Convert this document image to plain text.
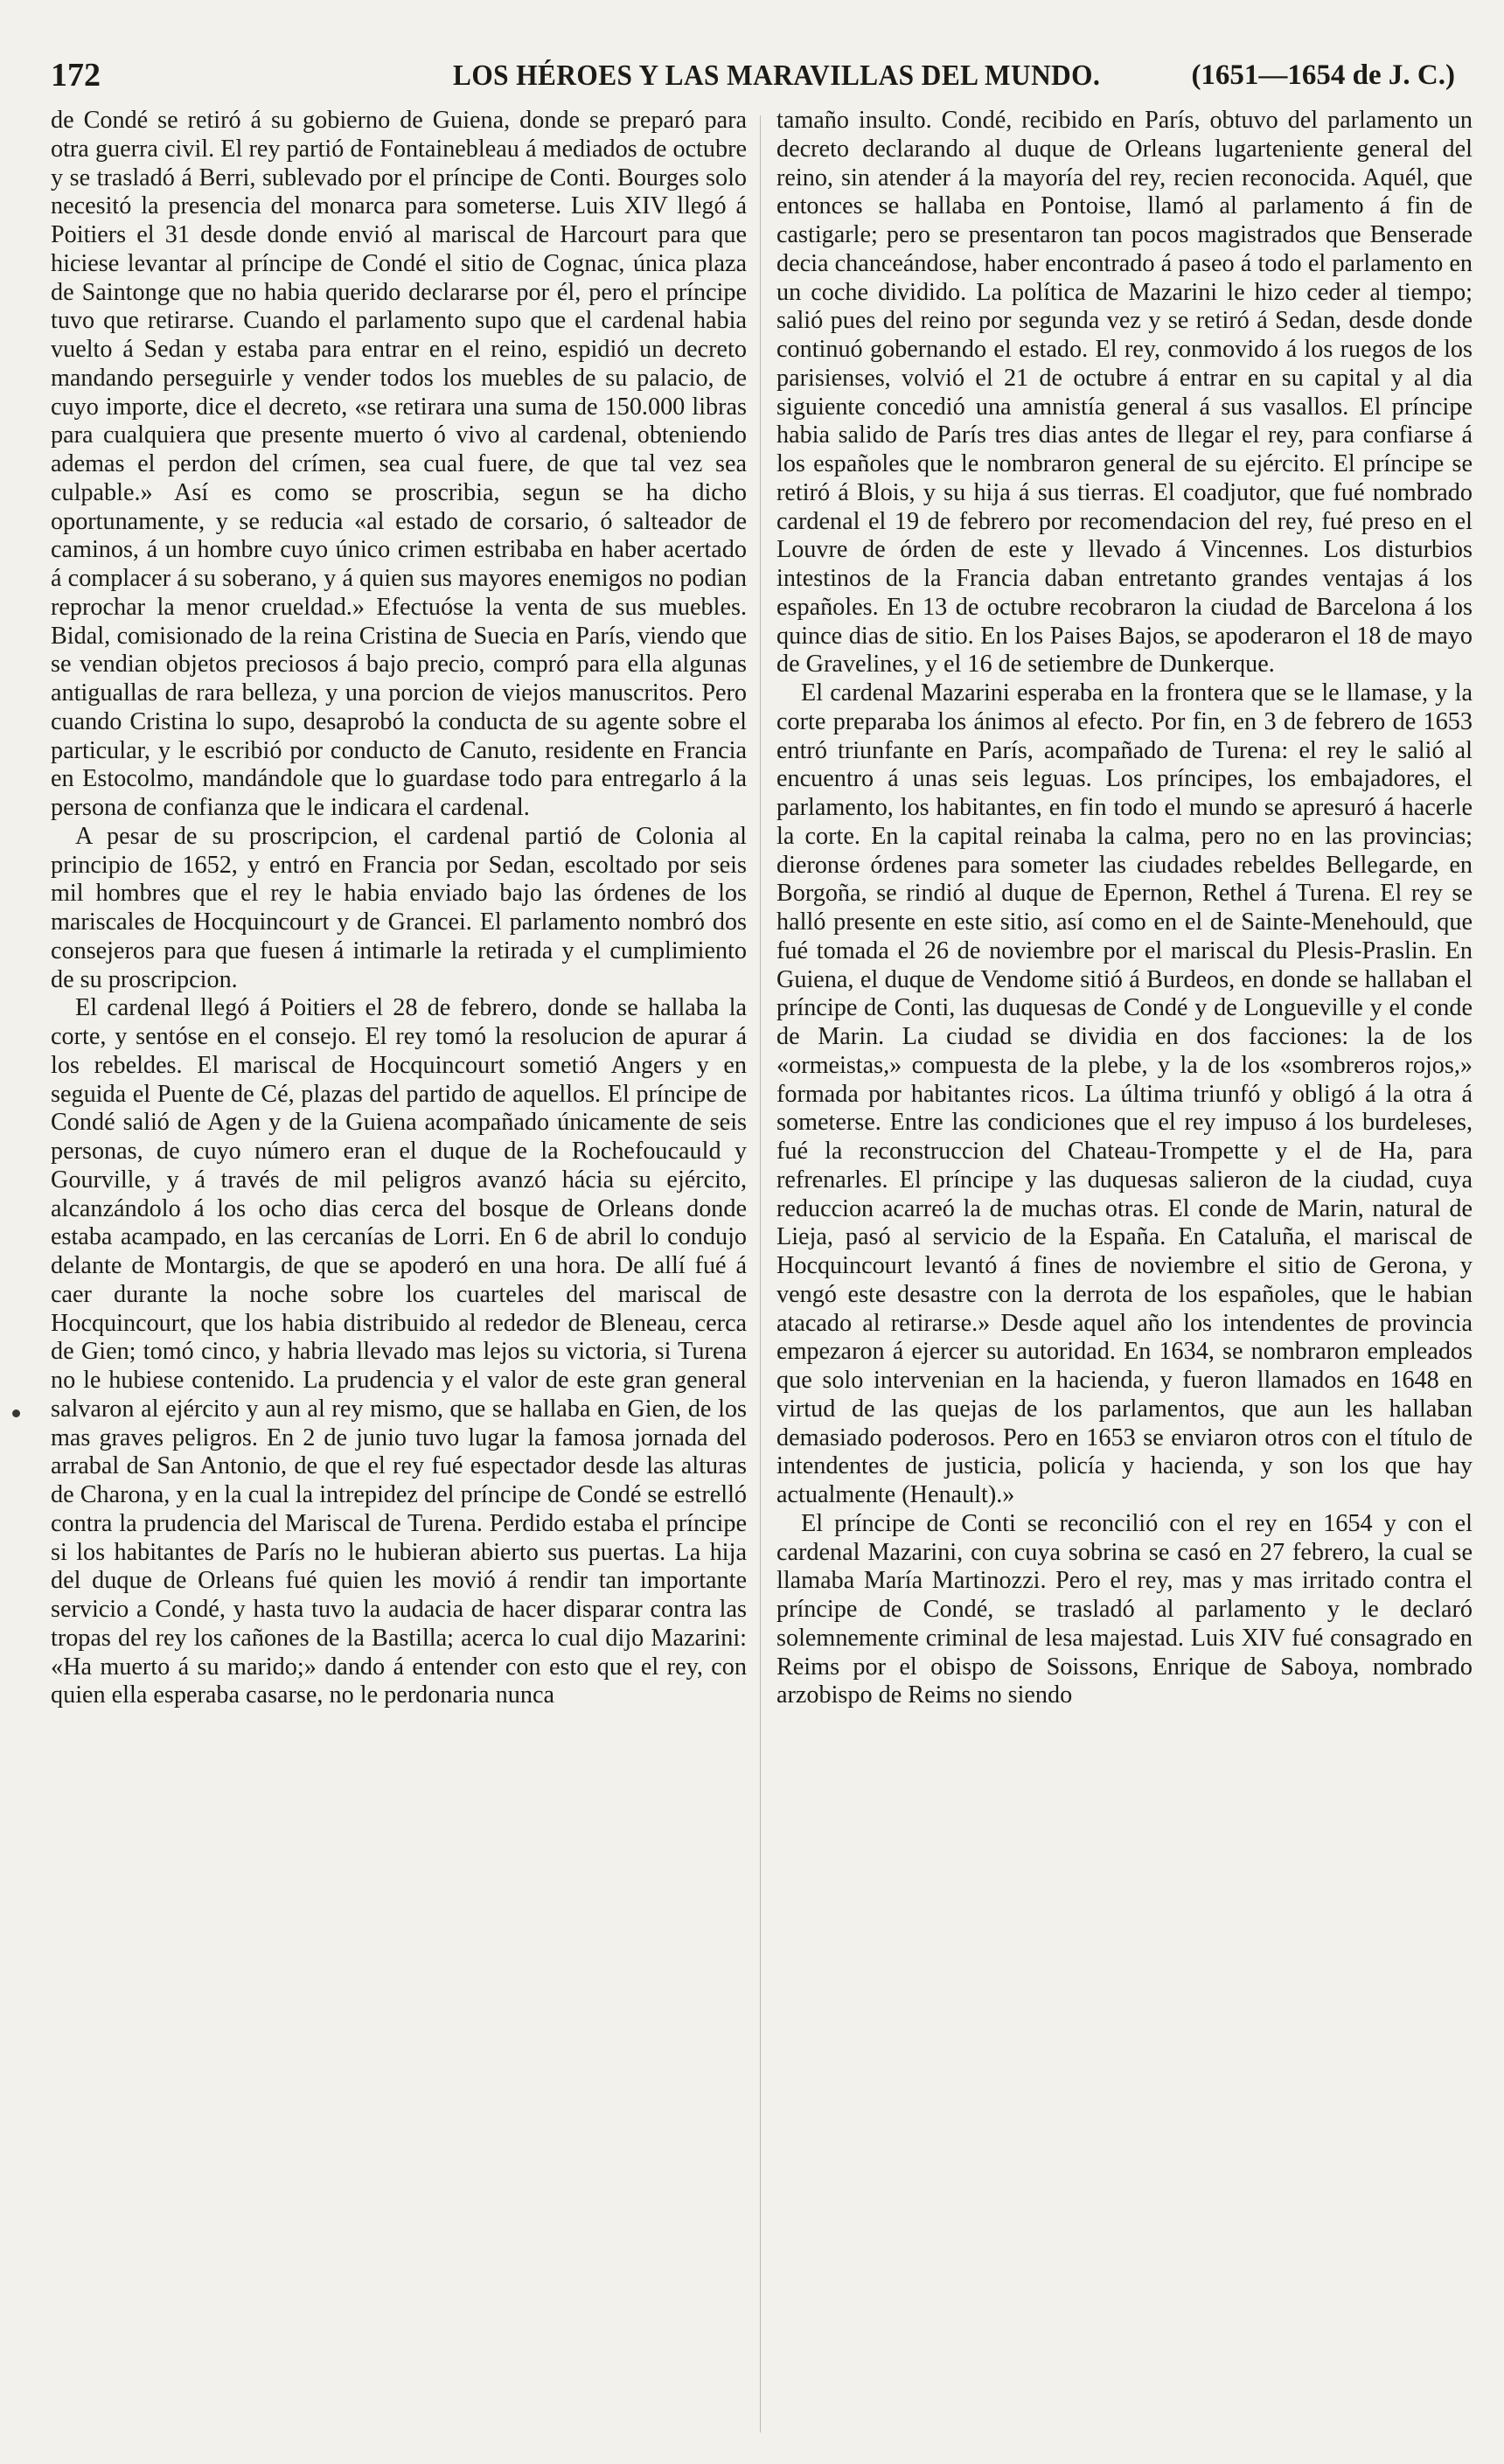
172	LOS HÉROES Y LAS MARAVILLAS DEL MUNDO.	(1651—1654 de J. C.)

de Condé se retiró á su gobierno de Guiena, donde se preparó para otra guerra civil. El rey partió de Fontainebleau á mediados de octubre y se trasladó á Berri, sublevado por el príncipe de Conti. Bourges solo necesitó la presencia del monarca para someterse. Luis XIV llegó á Poitiers el 31 desde donde envió al mariscal de Harcourt para que hiciese levantar al príncipe de Condé el sitio de Cognac, única plaza de Saintonge que no habia querido declararse por él, pero el príncipe tuvo que retirarse. Cuando el parlamento supo que el cardenal habia vuelto á Sedan y estaba para entrar en el reino, espidió un decreto mandando perseguirle y vender todos los muebles de su palacio, de cuyo importe, dice el decreto, «se retirara una suma de 150.000 libras para cualquiera que presente muerto ó vivo al cardenal, obteniendo ademas el perdon del crímen, sea cual fuere, de que tal vez sea culpable.» Así es como se proscribia, segun se ha dicho oportunamente, y se reducia «al estado de corsario, ó salteador de caminos, á un hombre cuyo único crimen estribaba en haber acertado á complacer á su soberano, y á quien sus mayores enemigos no podian reprochar la menor crueldad.» Efectuóse la venta de sus muebles. Bidal, comisionado de la reina Cristina de Suecia en París, viendo que se vendian objetos preciosos á bajo precio, compró para ella algunas antiguallas de rara belleza, y una porcion de viejos manuscritos. Pero cuando Cristina lo supo, desaprobó la conducta de su agente sobre el particular, y le escribió por conducto de Canuto, residente en Francia en Estocolmo, mandándole que lo guardase todo para entregarlo á la persona de confianza que le indicara el cardenal.

A pesar de su proscripcion, el cardenal partió de Colonia al principio de 1652, y entró en Francia por Sedan, escoltado por seis mil hombres que el rey le habia enviado bajo las órdenes de los mariscales de Hocquincourt y de Grancei. El parlamento nombró dos consejeros para que fuesen á intimarle la retirada y el cumplimiento de su proscripcion.

El cardenal llegó á Poitiers el 28 de febrero, donde se hallaba la corte, y sentóse en el consejo. El rey tomó la resolucion de apurar á los rebeldes. El mariscal de Hocquincourt sometió Angers y en seguida el Puente de Cé, plazas del partido de aquellos. El príncipe de Condé salió de Agen y de la Guiena acompañado únicamente de seis personas, de cuyo número eran el duque de la Rochefoucauld y Gourville, y á través de mil peligros avanzó hácia su ejército, alcanzándolo á los ocho dias cerca del bosque de Orleans donde estaba acampado, en las cercanías de Lorri. En 6 de abril lo condujo delante de Montargis, de que se apoderó en una hora. De allí fué á caer durante la noche sobre los cuarteles del mariscal de Hocquincourt, que los habia distribuido al rededor de Bleneau, cerca de Gien; tomó cinco, y habria llevado mas lejos su victoria, si Turena no le hubiese contenido. La prudencia y el valor de este gran general salvaron al ejército y aun al rey mismo, que se hallaba en Gien, de los mas graves peligros. En 2 de junio tuvo lugar la famosa jornada del arrabal de San Antonio, de que el rey fué espectador desde las alturas de Charona, y en la cual la intrepidez del príncipe de Condé se estrelló contra la prudencia del Mariscal de Turena. Perdido estaba el príncipe si los habitantes de París no le hubieran abierto sus puertas. La hija del duque de Orleans fué quien les movió á rendir tan importante servicio a Condé, y hasta tuvo la audacia de hacer disparar contra las tropas del rey los cañones de la Bastilla; acerca lo cual dijo Mazarini: «Ha muerto á su marido;» dando á entender con esto que el rey, con quien ella esperaba casarse, no le perdonaria nunca

tamaño insulto. Condé, recibido en París, obtuvo del parlamento un decreto declarando al duque de Orleans lugarteniente general del reino, sin atender á la mayoría del rey, recien reconocida. Aquél, que entonces se hallaba en Pontoise, llamó al parlamento á fin de castigarle; pero se presentaron tan pocos magistrados que Benserade decia chanceándose, haber encontrado á paseo á todo el parlamento en un coche dividido. La política de Mazarini le hizo ceder al tiempo; salió pues del reino por segunda vez y se retiró á Sedan, desde donde continuó gobernando el estado. El rey, conmovido á los ruegos de los parisienses, volvió el 21 de octubre á entrar en su capital y al dia siguiente concedió una amnistía general á sus vasallos. El príncipe habia salido de París tres dias antes de llegar el rey, para confiarse á los españoles que le nombraron general de su ejército. El príncipe se retiró á Blois, y su hija á sus tierras. El coadjutor, que fué nombrado cardenal el 19 de febrero por recomendacion del rey, fué preso en el Louvre de órden de este y llevado á Vincennes. Los disturbios intestinos de la Francia daban entretanto grandes ventajas á los españoles. En 13 de octubre recobraron la ciudad de Barcelona á los quince dias de sitio. En los Paises Bajos, se apoderaron el 18 de mayo de Gravelines, y el 16 de setiembre de Dunkerque.

El cardenal Mazarini esperaba en la frontera que se le llamase, y la corte preparaba los ánimos al efecto. Por fin, en 3 de febrero de 1653 entró triunfante en París, acompañado de Turena: el rey le salió al encuentro á unas seis leguas. Los príncipes, los embajadores, el parlamento, los habitantes, en fin todo el mundo se apresuró á hacerle la corte. En la capital reinaba la calma, pero no en las provincias; dieronse órdenes para someter las ciudades rebeldes Bellegarde, en Borgoña, se rindió al duque de Epernon, Rethel á Turena. El rey se halló presente en este sitio, así como en el de Sainte-Menehould, que fué tomada el 26 de noviembre por el mariscal du Plesis-Praslin. En Guiena, el duque de Vendome sitió á Burdeos, en donde se hallaban el príncipe de Conti, las duquesas de Condé y de Longueville y el conde de Marin. La ciudad se dividia en dos facciones: la de los «ormeistas,» compuesta de la plebe, y la de los «sombreros rojos,» formada por habitantes ricos. La última triunfó y obligó á la otra á someterse. Entre las condiciones que el rey impuso á los burdeleses, fué la reconstruccion del Chateau-Trompette y el de Ha, para refrenarles. El príncipe y las duquesas salieron de la ciudad, cuya reduccion acarreó la de muchas otras. El conde de Marin, natural de Lieja, pasó al servicio de la España. En Cataluña, el mariscal de Hocquincourt levantó á fines de noviembre el sitio de Gerona, y vengó este desastre con la derrota de los españoles, que le habian atacado al retirarse.» Desde aquel año los intendentes de provincia empezaron á ejercer su autoridad. En 1634, se nombraron empleados que solo intervenian en la hacienda, y fueron llamados en 1648 en virtud de las quejas de los parlamentos, que aun les hallaban demasiado poderosos. Pero en 1653 se enviaron otros con el título de intendentes de justicia, policía y hacienda, y son los que hay actualmente (Henault).»

El príncipe de Conti se reconcilió con el rey en 1654 y con el cardenal Mazarini, con cuya sobrina se casó en 27 febrero, la cual se llamaba María Martinozzi. Pero el rey, mas y mas irritado contra el príncipe de Condé, se trasladó al parlamento y le declaró solemnemente criminal de lesa majestad. Luis XIV fué consagrado en Reims por el obispo de Soissons, Enrique de Saboya, nombrado arzobispo de Reims no siendo
